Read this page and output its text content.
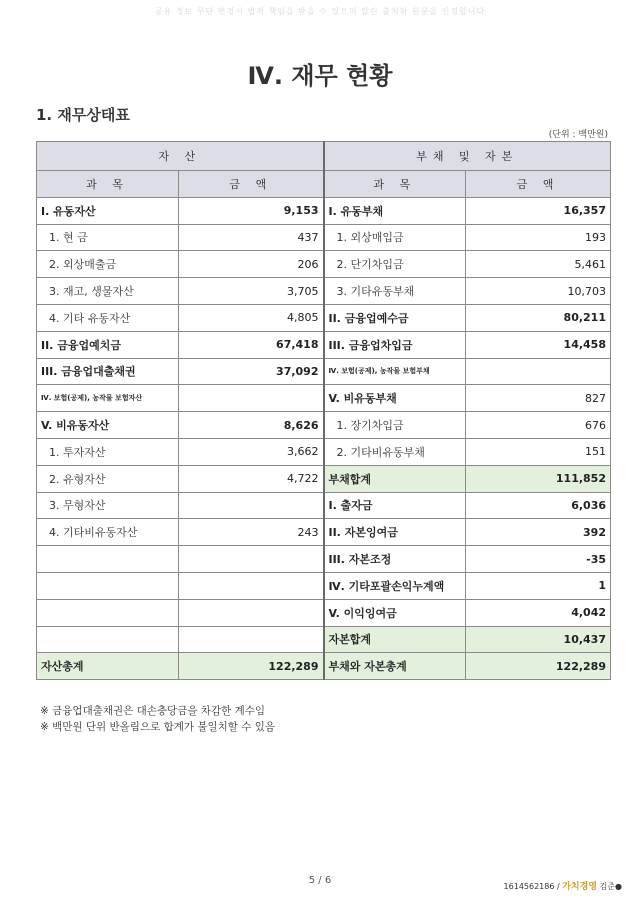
공유 정보 무단 변경시 법적 책임을 받을 수 있으며 알린 출처와 원문을 인정합니다
Ⅳ. 재무 현황
1. 재무상태표
(단위 : 백만원)
자 산		부채 및 자본	
과 목	금 액	과 목	금 액
I. 유동자산	9,153	I. 유동부채	16,357
1. 현 금	437	1. 외상매입금	193
2. 외상매출금	206	2. 단기차입금	5,461
3. 재고, 생물자산	3,705	3. 기타유동부채	10,703
4. 기타 유동자산	4,805	II. 금융업예수금	80,211
II. 금융업예치금	67,418	III. 금융업차입금	14,458
III. 금융업대출채권	37,092	Ⅳ. 보험(공제), 농작물 보험부채	
Ⅳ. 보험(공제), 농작물 보험자산		V. 비유동부채	827
V. 비유동자산	8,626	1. 장기차입금	676
1. 투자자산	3,662	2. 기타비유동부채	151
2. 유형자산	4,722	부채합계	111,852
3. 무형자산		I. 출자금	6,036
4. 기타비유동자산	243	II. 자본잉여금	392
		III. 자본조정	-35
		Ⅳ. 기타포괄손익누계액	1
		V. 이익잉여금	4,042
		자본합계	10,437
자산총계	122,289	부채와 자본총계	122,289
※ 금융업대출채권은 대손충당금을 차감한 계수임
※ 백만원 단위 반올림으로 합계가 불일치할 수 있음
5 / 6
1614562186 / 가치경영 김준●
